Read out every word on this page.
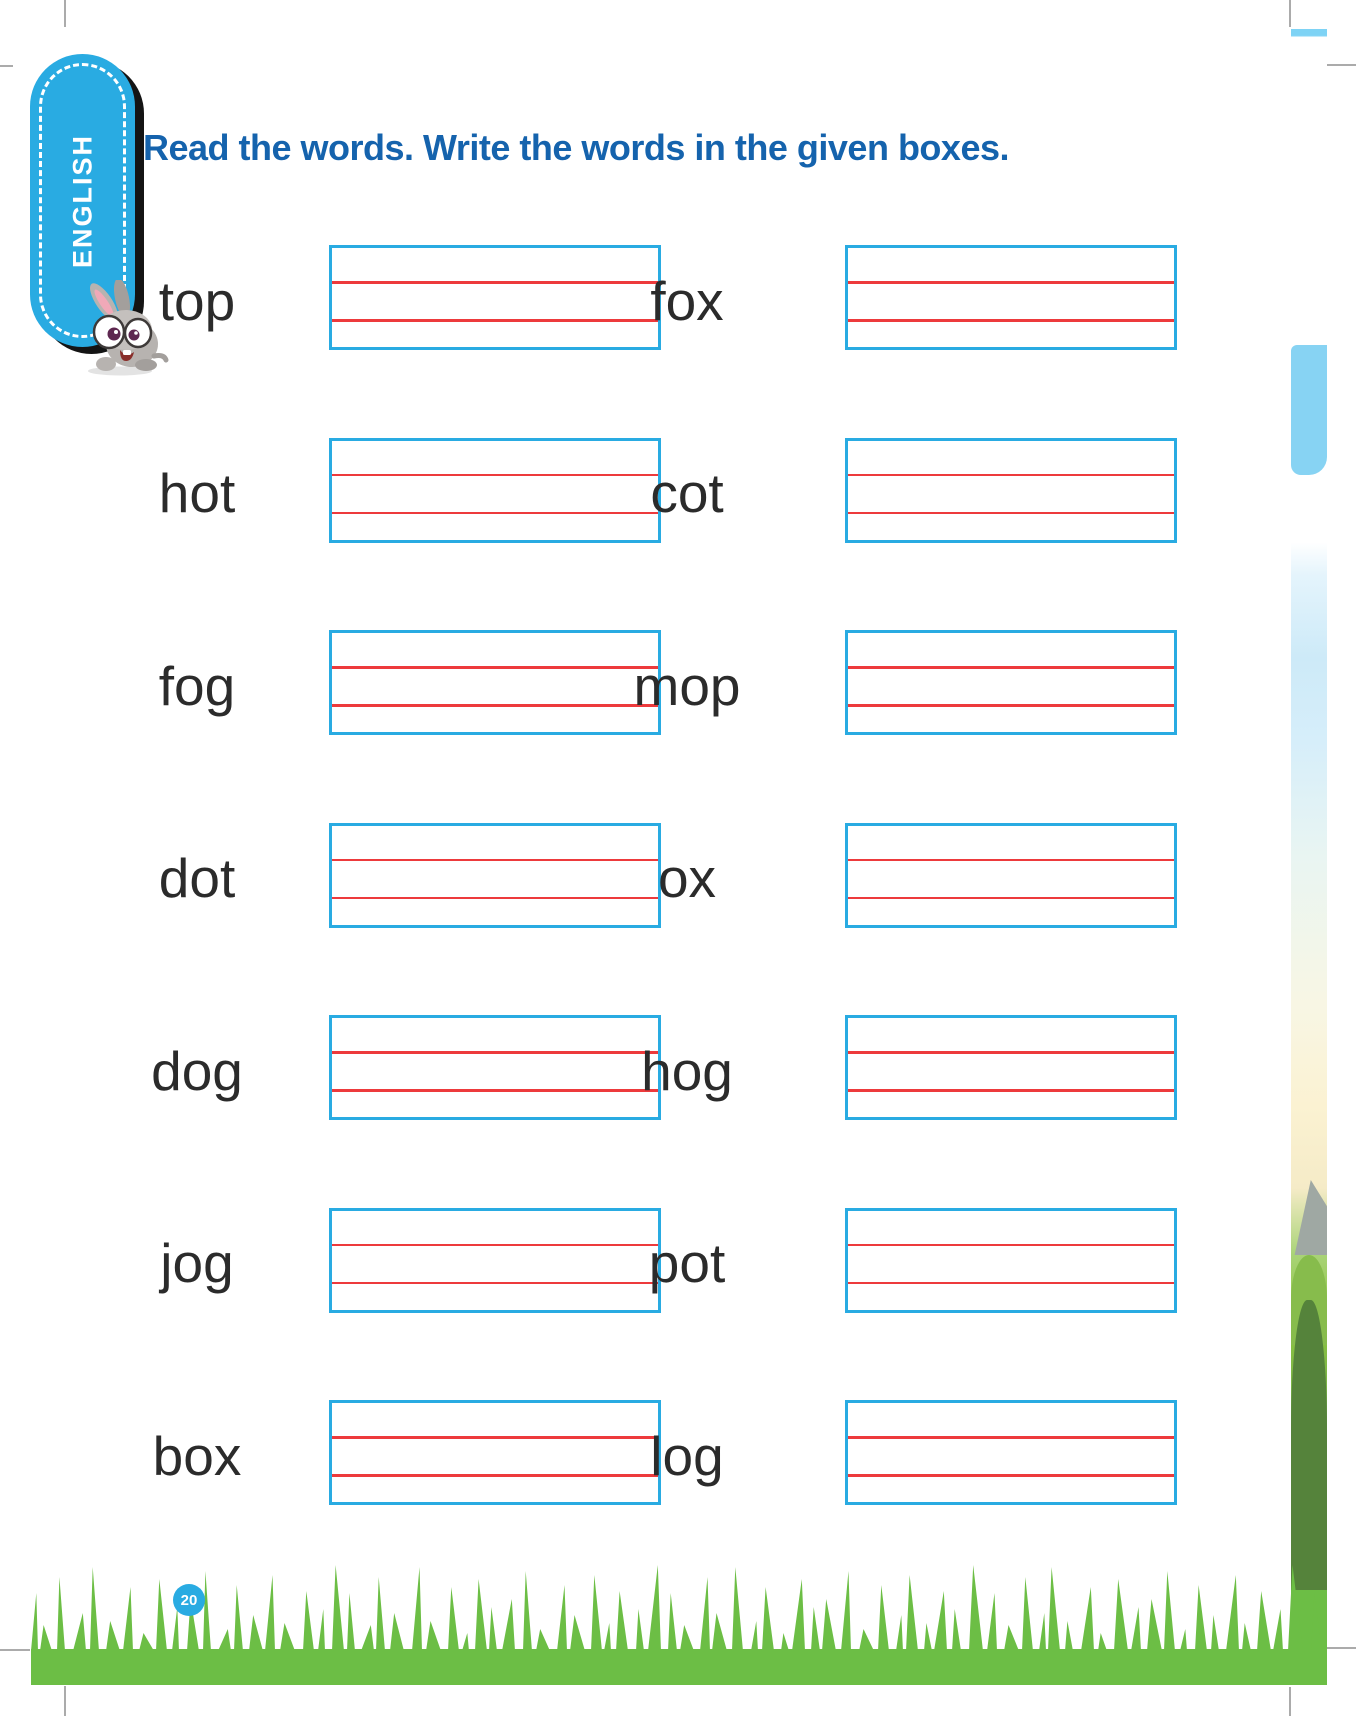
ENGLISH Read the words. Write the words in the given boxes.
top	fox
hot	cot
fog	mop
dot	ox
dog	hog
jog	pot
box	log
20
